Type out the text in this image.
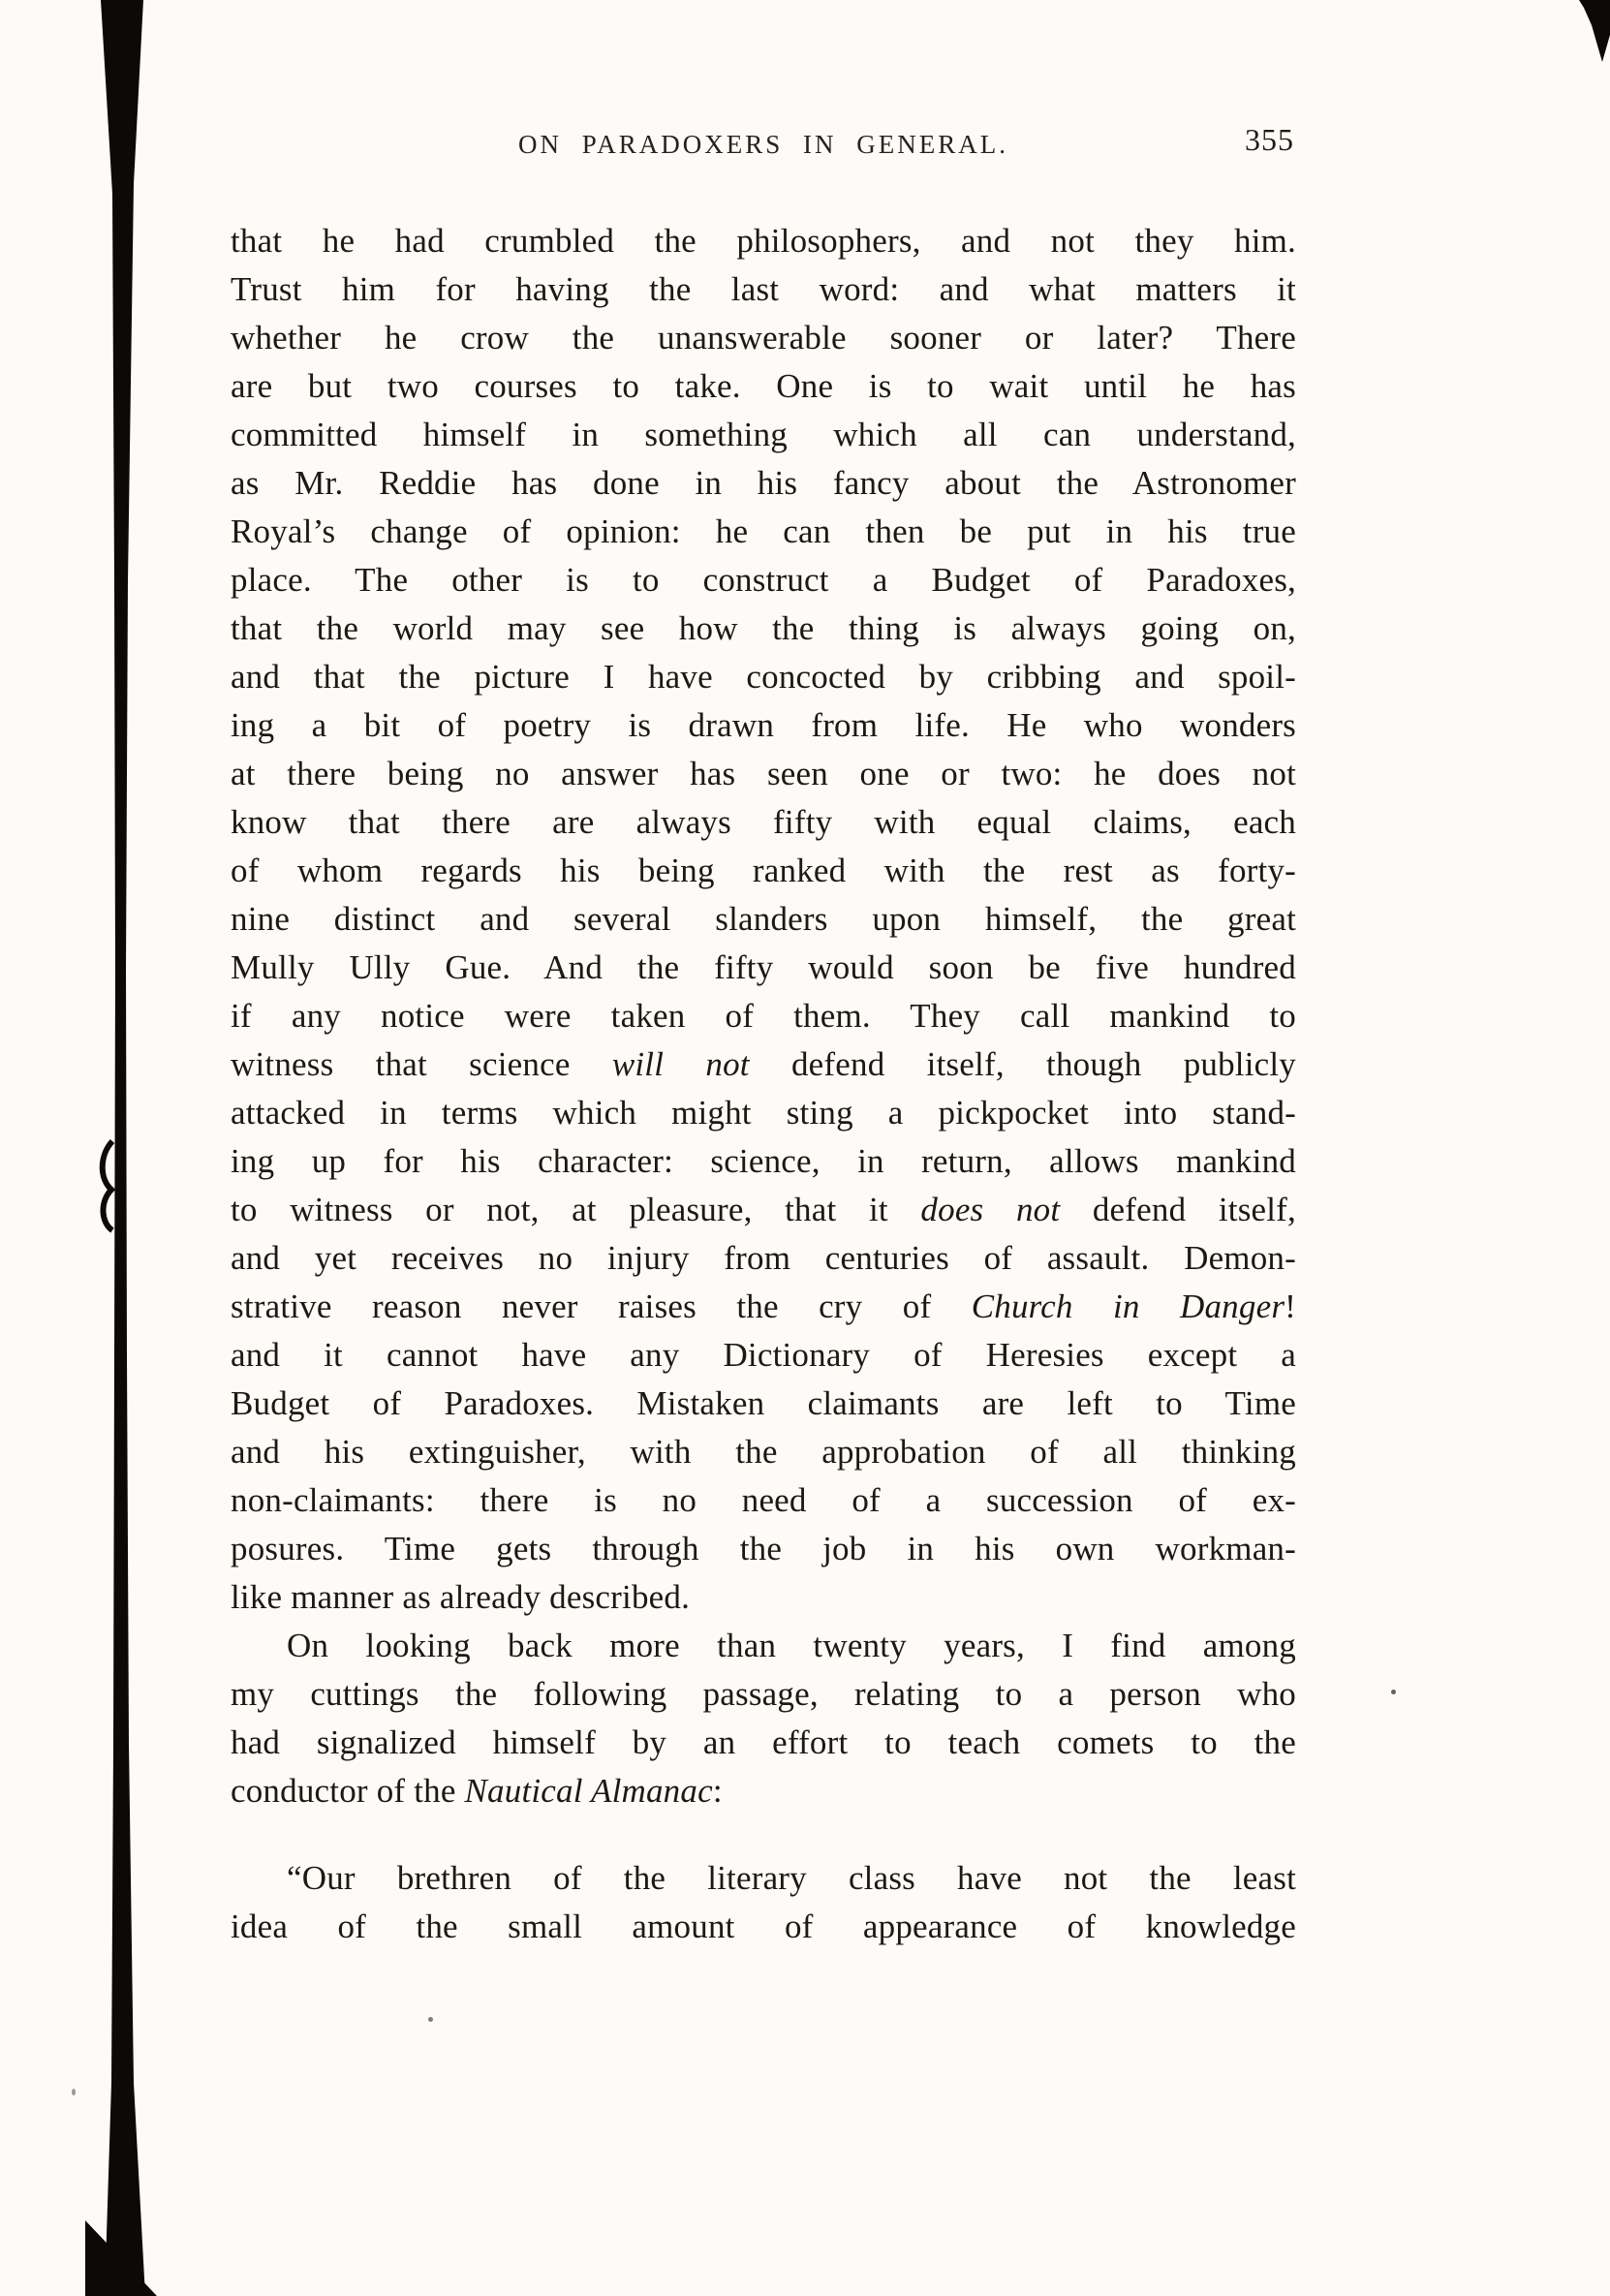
ON PARADOXERS IN GENERAL.	355
that he had crumbled the philosophers, and not they him.
Trust him for having the last word: and what matters it
whether he crow the unanswerable sooner or later? There
are but two courses to take. One is to wait until he has
committed himself in something which all can understand,
as Mr. Reddie has done in his fancy about the Astronomer
Royal’s change of opinion: he can then be put in his true
place. The other is to construct a Budget of Paradoxes,
that the world may see how the thing is always going on,
and that the picture I have concocted by cribbing and spoil-
ing a bit of poetry is drawn from life. He who wonders
at there being no answer has seen one or two: he does not
know that there are always fifty with equal claims, each
of whom regards his being ranked with the rest as forty-
nine distinct and several slanders upon himself, the great
Mully Ully Gue. And the fifty would soon be five hundred
if any notice were taken of them. They call mankind to
witness that science will not defend itself, though publicly
attacked in terms which might sting a pickpocket into stand-
ing up for his character: science, in return, allows mankind
to witness or not, at pleasure, that it does not defend itself,
and yet receives no injury from centuries of assault. Demon-
strative reason never raises the cry of Church in Danger!
and it cannot have any Dictionary of Heresies except a
Budget of Paradoxes. Mistaken claimants are left to Time
and his extinguisher, with the approbation of all thinking
non-claimants: there is no need of a succession of ex-
posures. Time gets through the job in his own workman-
like manner as already described.
On looking back more than twenty years, I find among
my cuttings the following passage, relating to a person who
had signalized himself by an effort to teach comets to the
conductor of the Nautical Almanac:
“Our brethren of the literary class have not the least
idea of the small amount of appearance of knowledge
